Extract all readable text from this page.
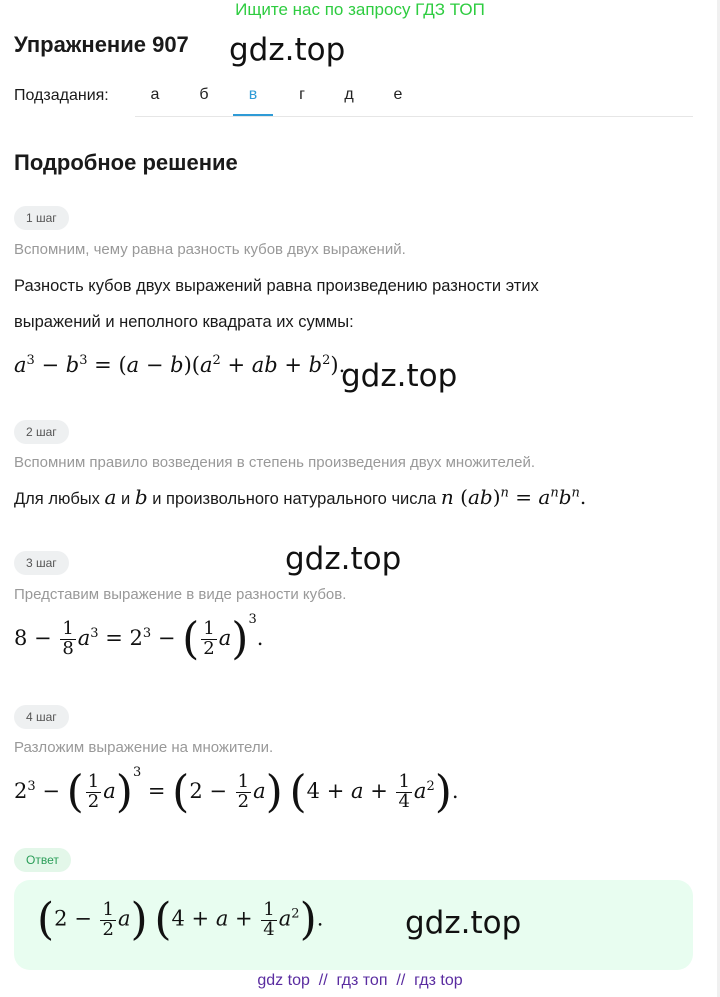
Ищите нас по запросу ГДЗ ТОП
Упражнение 907 gdz.top
Подзадания:	а	б	в	г	д	е
Подробное решение
1 шаг
Вспомним, чему равна разность кубов двух выражений.
Разность кубов двух выражений равна произведению разности этих
выражений и неполного квадрата их суммы:
$a^3 - b^3 = (a - b)(a^2$ + ab + $b^2$).
gdz.top
2 шаг
Вспомним правило возведения в степень произведения двух множителей.
Для любых a и b и произвольного натурального числа n $(ab)^n = a^nb^n$.
3 шаг	gdz.top
Представим выражение в виде разности кубов.
$8 - \frac{1}{8} a^3 = 2^3$ − ( $\frac{1}{2} a)^3$.
4 шаг
Разложим выражение на множители.
$2^3$ − ( $\frac{1}{2} a)^3 = (2 - \frac{1}{2} a)$ $(4 + a + \frac{1}{4} a^2)$.
Ответ
$(2 - \frac{1}{2} a)$ $(4 + a + \frac{1}{4} a^2)$.	gdz.top
gdz top  //  гдз топ  //  гдз top
